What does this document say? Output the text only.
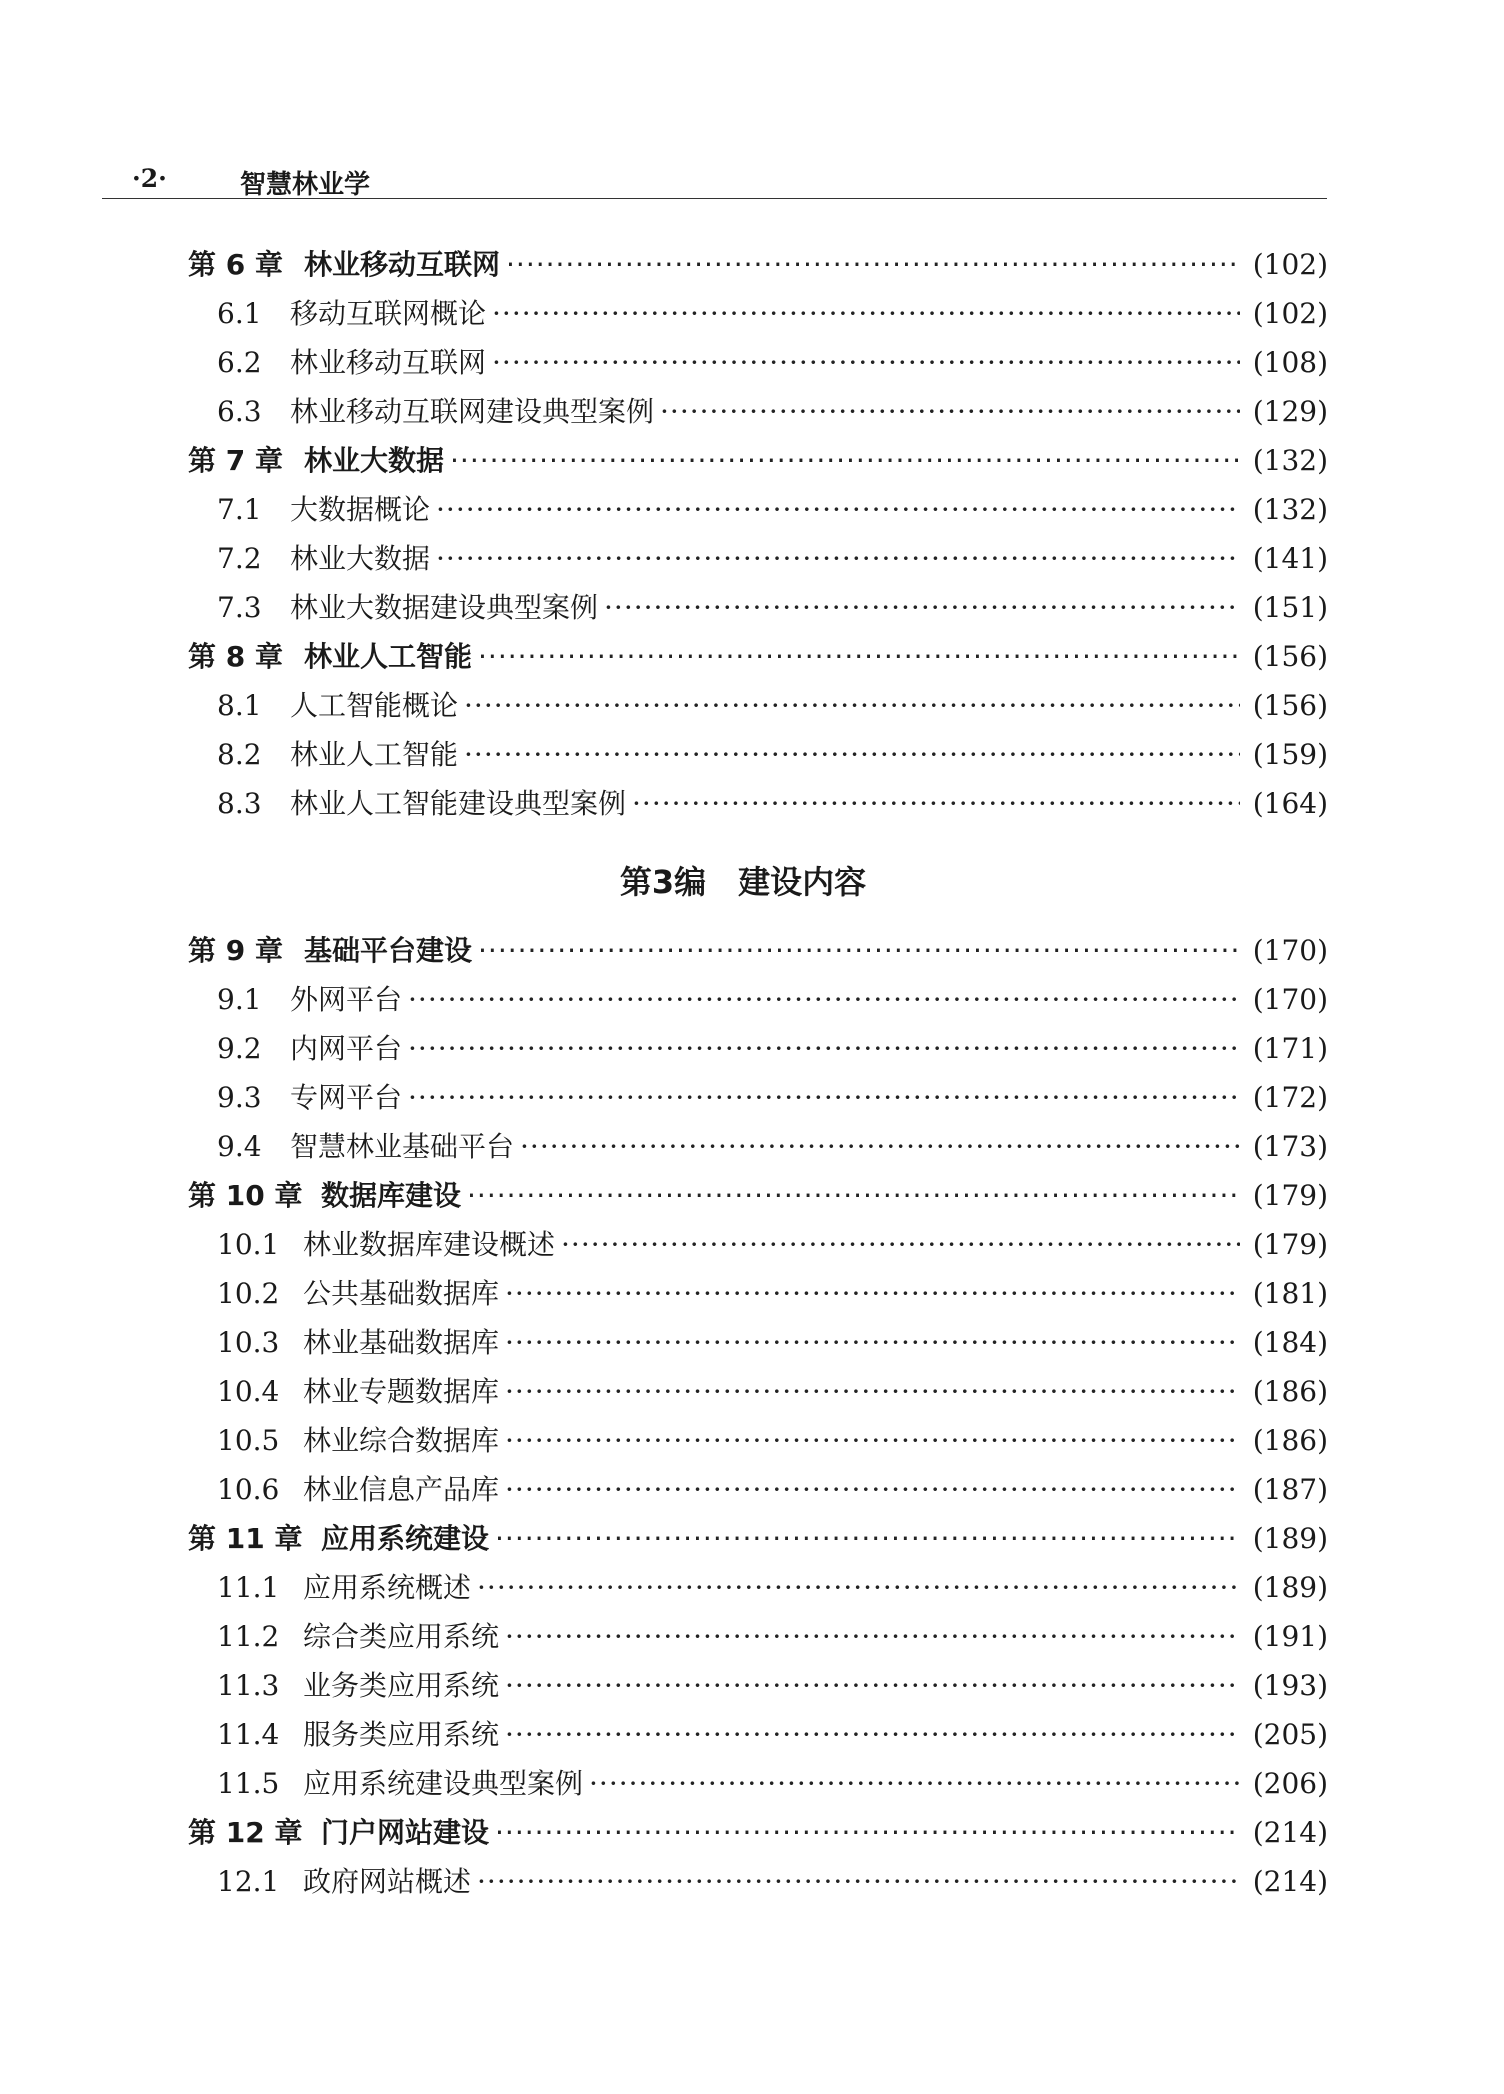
·2·	智慧林业学
第 6 章 林业移动互联网 ·····	(102)
6.1	移动互联网概论 ·····	(102)
6.2	林业移动互联网 ·····	(108)
6.3	林业移动互联网建设典型案例 ·····	(129)
第 7 章 林业大数据 ·····	(132)
7.1	大数据概论 ·····	(132)
7.2	林业大数据 ·····	(141)
7.3	林业大数据建设典型案例 ·····	(151)
第 8 章 林业人工智能 ·····	(156)
8.1	人工智能概论 ·····	(156)
8.2	林业人工智能 ·····	(159)
8.3	林业人工智能建设典型案例 ·····	(164)
第3编　建设内容
第 9 章 基础平台建设 ·····	(170)
9.1	外网平台 ·····	(170)
9.2	内网平台 ·····	(171)
9.3	专网平台 ·····	(172)
9.4	智慧林业基础平台 ·····	(173)
第 10 章 数据库建设 ·····	(179)
10.1 林业数据库建设概述 ·····	(179)
10.2 公共基础数据库 ·····	(181)
10.3 林业基础数据库 ·····	(184)
10.4 林业专题数据库 ·····	(186)
10.5 林业综合数据库 ·····	(186)
10.6 林业信息产品库 ·····	(187)
第 11 章 应用系统建设 ·····	(189)
11.1 应用系统概述 ·····	(189)
11.2 综合类应用系统 ·····	(191)
11.3 业务类应用系统 ·····	(193)
11.4 服务类应用系统 ·····	(205)
11.5 应用系统建设典型案例 ·····	(206)
第 12 章 门户网站建设 ·····	(214)
12.1 政府网站概述 ·····	(214)
